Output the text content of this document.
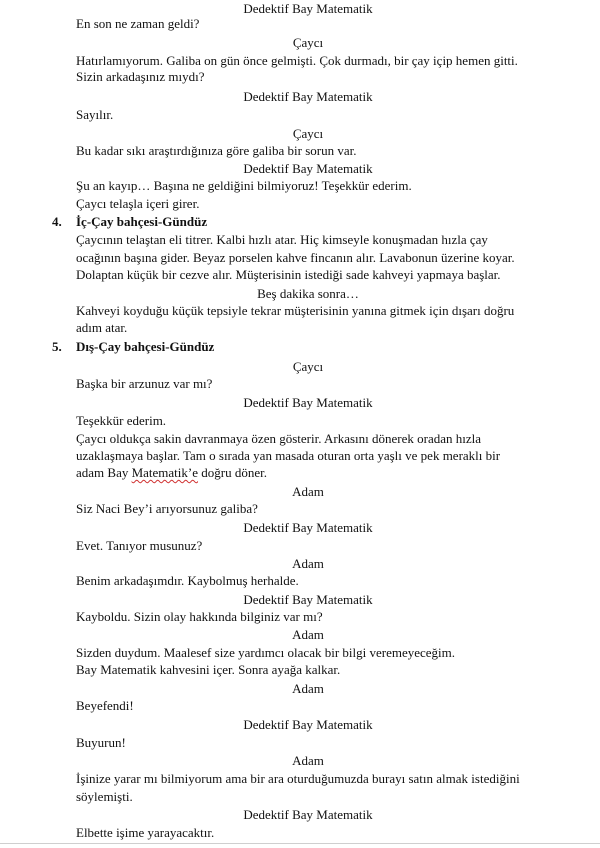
Dedektif Bay Matematik
En son ne zaman geldi?
Çaycı
Hatırlamıyorum. Galiba on gün önce gelmişti. Çok durmadı, bir çay içip hemen gitti.
Sizin arkadaşınız mıydı?
Dedektif Bay Matematik
Sayılır.
Çaycı
Bu kadar sıkı araştırdığınıza göre galiba bir sorun var.
Dedektif Bay Matematik
Şu an kayıp… Başına ne geldiğini bilmiyoruz! Teşekkür ederim.
Çaycı telaşla içeri girer.
4. İç-Çay bahçesi-Gündüz
Çaycının telaştan eli titrer. Kalbi hızlı atar. Hiç kimseyle konuşmadan hızla çay
ocağının başına gider. Beyaz porselen kahve fincanın alır. Lavabonun üzerine koyar.
Dolaptan küçük bir cezve alır. Müşterisinin istediği sade kahveyi yapmaya başlar.
Beş dakika sonra…
Kahveyi koyduğu küçük tepsiyle tekrar müşterisinin yanına gitmek için dışarı doğru
adım atar.
5. Dış-Çay bahçesi-Gündüz
Çaycı
Başka bir arzunuz var mı?
Dedektif Bay Matematik
Teşekkür ederim.
Çaycı oldukça sakin davranmaya özen gösterir. Arkasını dönerek oradan hızla
uzaklaşmaya başlar. Tam o sırada yan masada oturan orta yaşlı ve pek meraklı bir
adam Bay Matematik’e doğru döner.
Adam
Siz Naci Bey’i arıyorsunuz galiba?
Dedektif Bay Matematik
Evet. Tanıyor musunuz?
Adam
Benim arkadaşımdır. Kaybolmuş herhalde.
Dedektif Bay Matematik
Kayboldu. Sizin olay hakkında bilginiz var mı?
Adam
Sizden duydum. Maalesef size yardımcı olacak bir bilgi veremeyeceğim.
Bay Matematik kahvesini içer. Sonra ayağa kalkar.
Adam
Beyefendi!
Dedektif Bay Matematik
Buyurun!
Adam
İşinize yarar mı bilmiyorum ama bir ara oturduğumuzda burayı satın almak istediğini
söylemişti.
Dedektif Bay Matematik
Elbette işime yarayacaktır.
